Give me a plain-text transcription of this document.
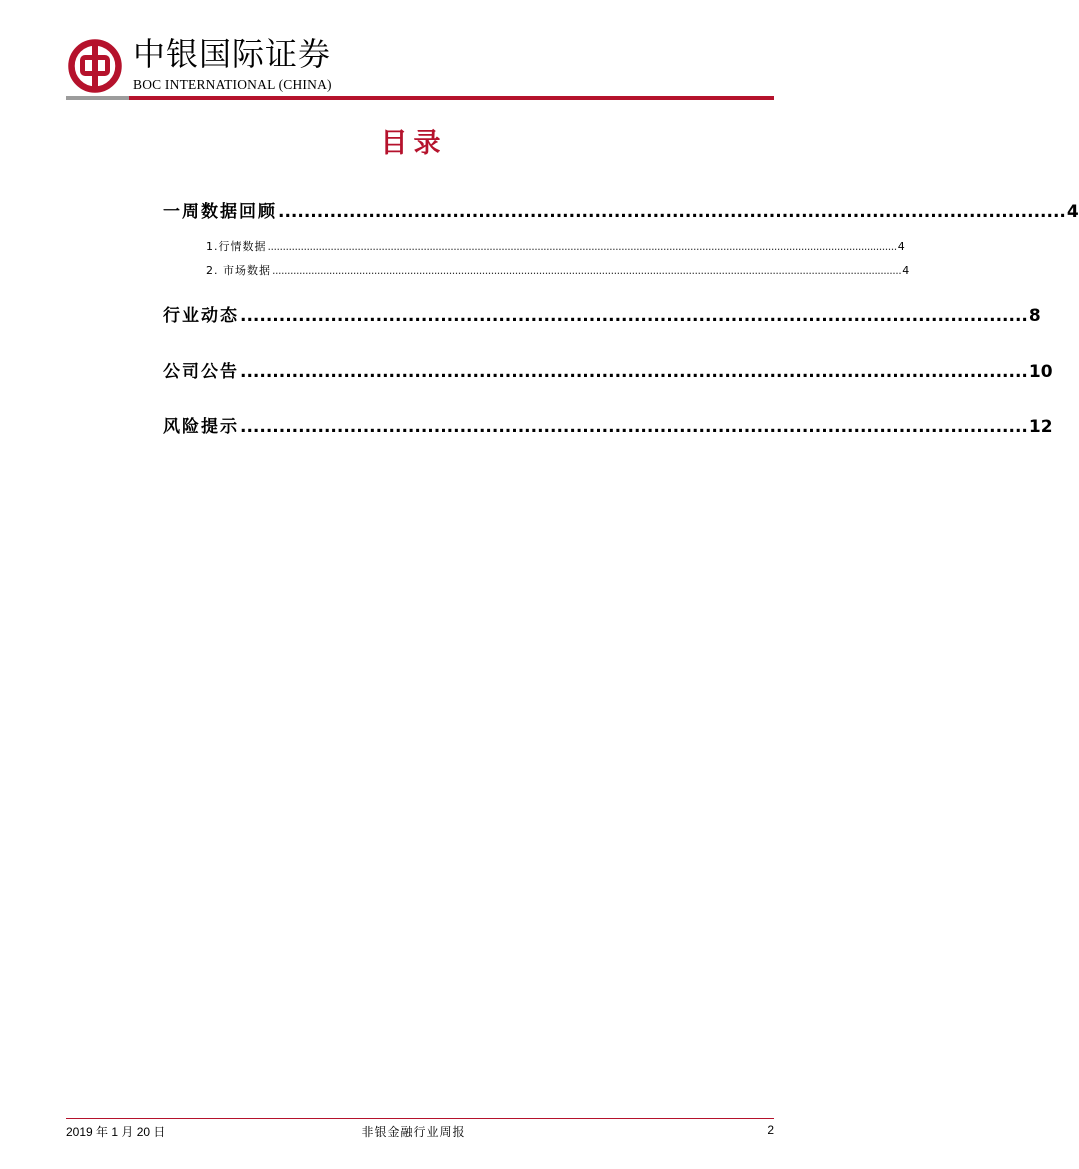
中银国际证券
BOC INTERNATIONAL (CHINA)
目录
一周数据回顾 .......................................................................................................................... 4
1.行情数据 .................................................................................................................................................................................................................. 4
2. 市场数据 .................................................................................................................................................................................................................. 4
行业动态 .......................................................................................................................... 8
公司公告 .......................................................................................................................... 10
风险提示 .......................................................................................................................... 12
2019 年 1 月 20 日	非银金融行业周报	2
